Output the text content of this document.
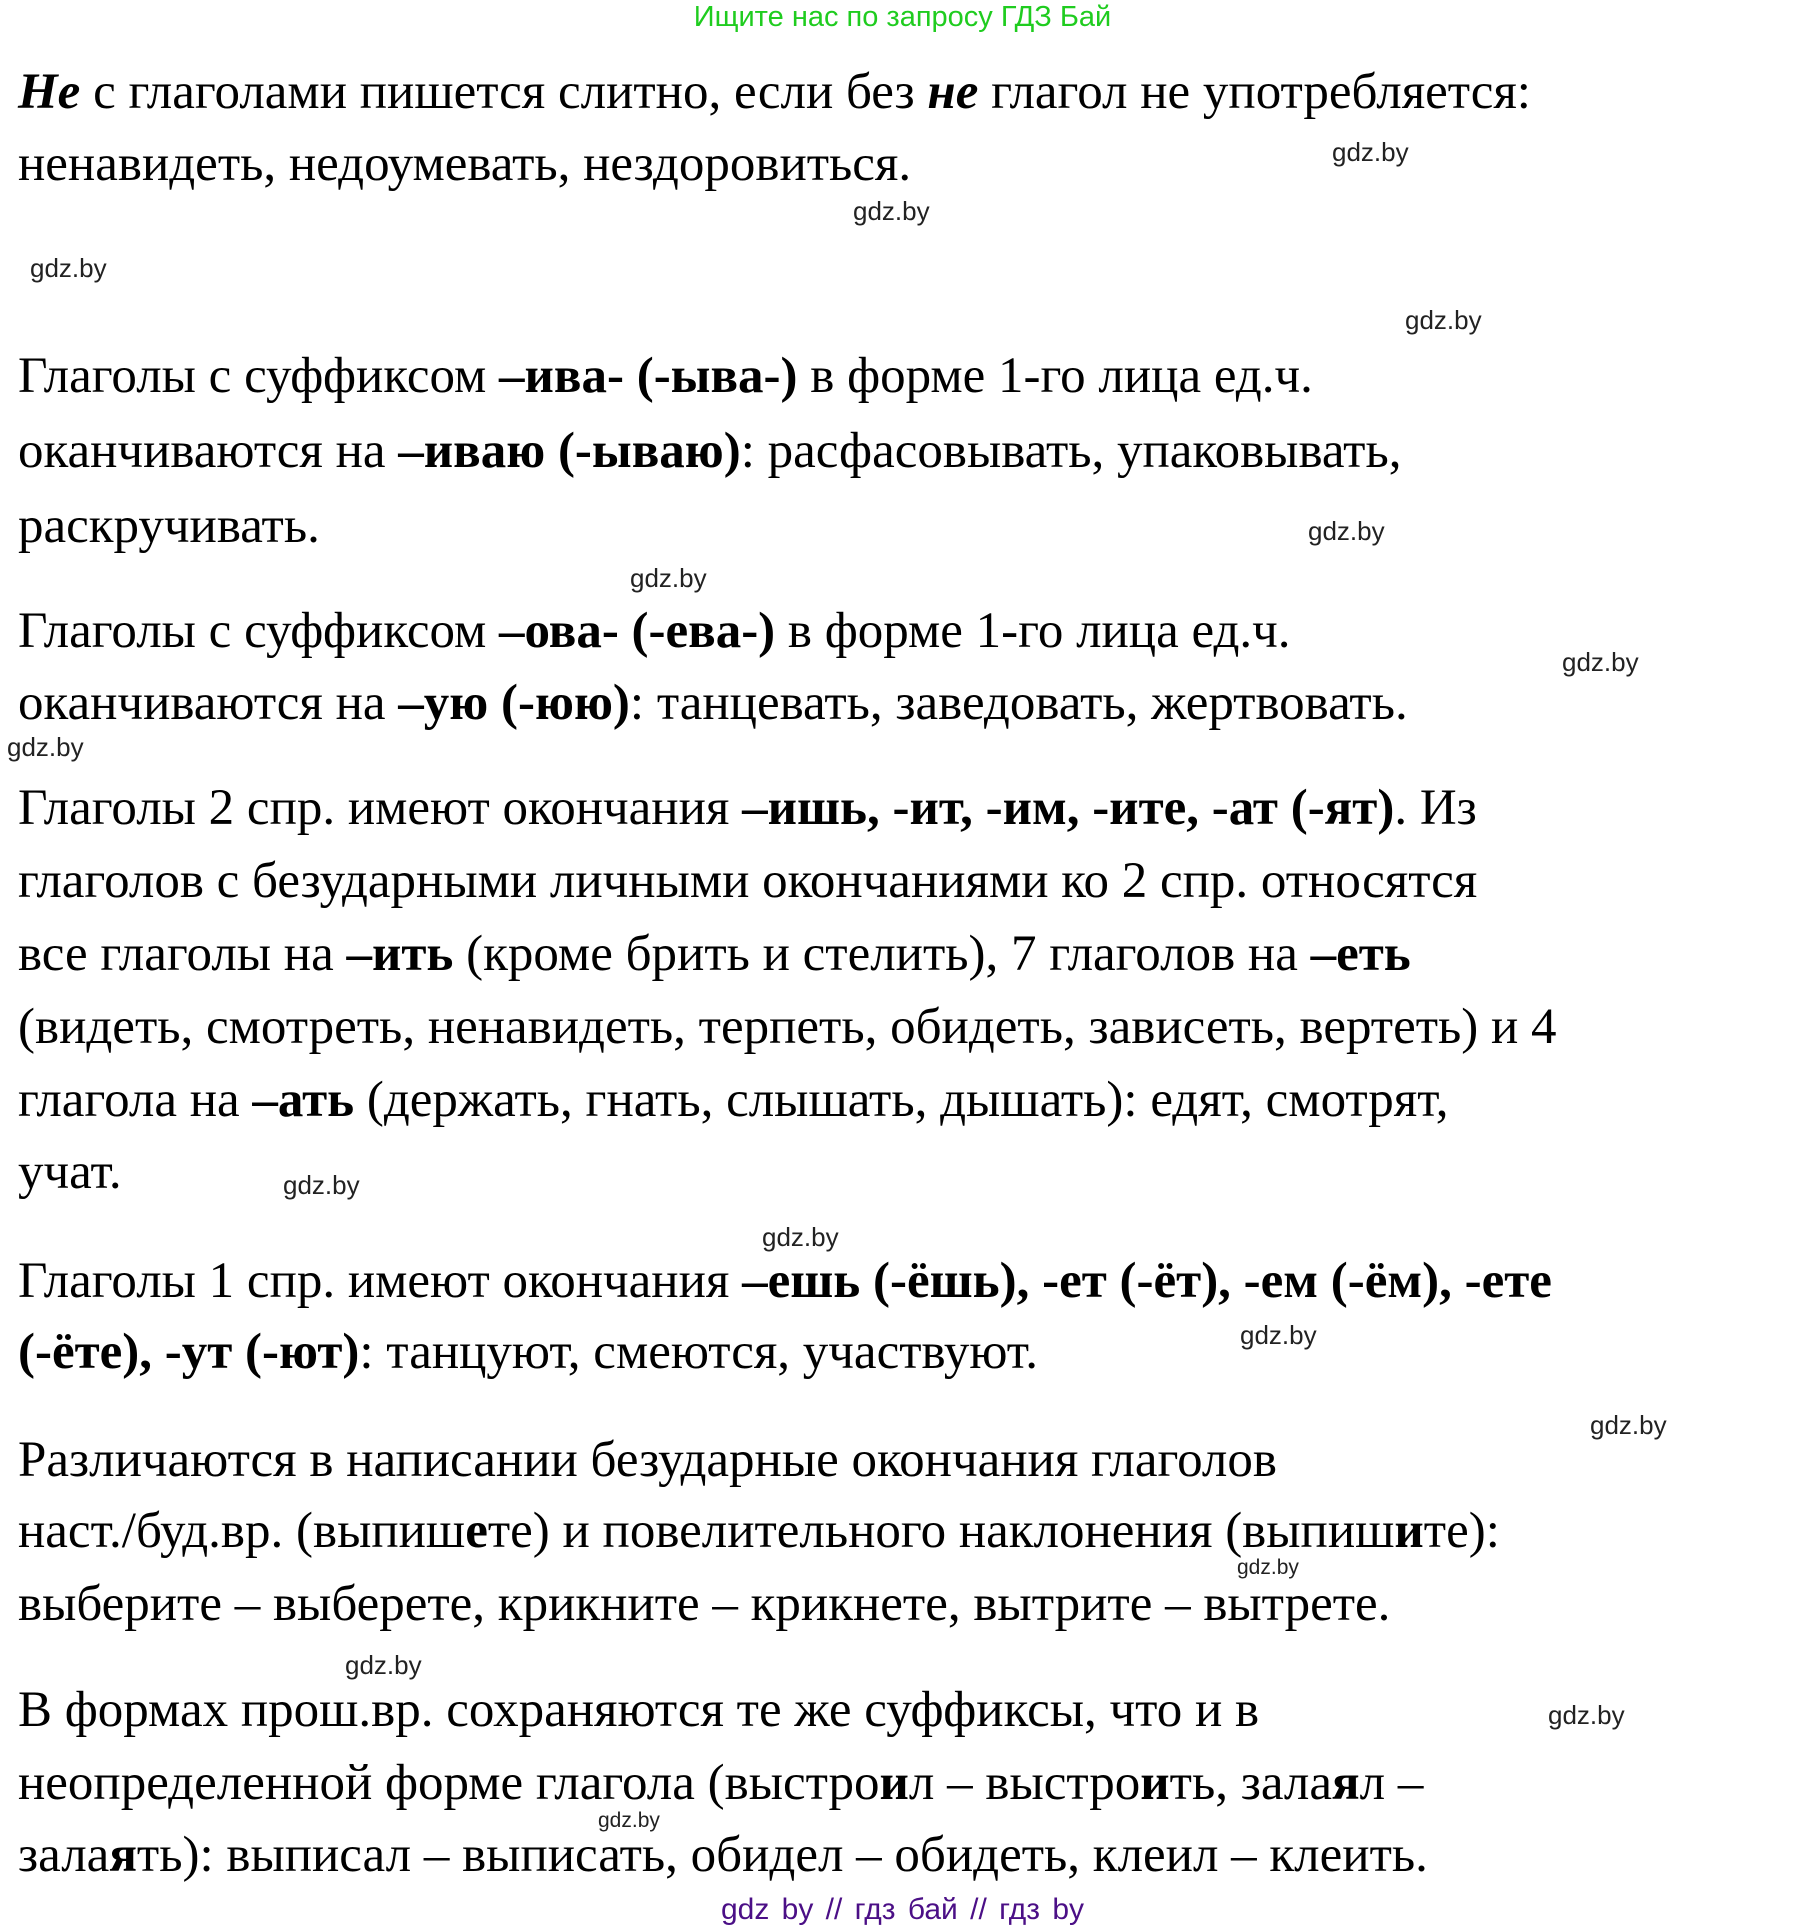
Ищите нас по запросу ГДЗ Бай
Не с глаголами пишется слитно, если без не глагол не употребляется:
ненавидеть, недоумевать, нездоровиться.
Глаголы с суффиксом –ива- (-ыва-) в форме 1-го лица ед.ч.
оканчиваются на –иваю (-ываю): расфасовывать, упаковывать,
раскручивать.
Глаголы с суффиксом –ова- (-ева-) в форме 1-го лица ед.ч.
оканчиваются на –ую (-юю): танцевать, заведовать, жертвовать.
Глаголы 2 спр. имеют окончания –ишь, -ит, -им, -ите, -ат (-ят). Из
глаголов с безударными личными окончаниями ко 2 спр. относятся
все глаголы на –ить (кроме брить и стелить), 7 глаголов на –еть
(видеть, смотреть, ненавидеть, терпеть, обидеть, зависеть, вертеть) и 4
глагола на –ать (держать, гнать, слышать, дышать): едят, смотрят,
учат.
Глаголы 1 спр. имеют окончания –ешь (-ёшь), -ет (-ёт), -ем (-ём), -ете
(-ёте), -ут (-ют): танцуют, смеются, участвуют.
Различаются в написании безударные окончания глаголов
наст./буд.вр. (выпишете) и повелительного наклонения (выпишите):
выберите – выберете, крикните – крикнете, вытрите – вытрете.
В формах прош.вр. сохраняются те же суффиксы, что и в
неопределенной форме глагола (выстроил – выстроить, залаял –
залаять): выписал – выписать, обидел – обидеть, клеил – клеить.
gdz.by
gdz.by
gdz.by
gdz.by
gdz.by
gdz.by
gdz.by
gdz.by
gdz.by
gdz.by
gdz.by
gdz.by
gdz.by
gdz.by
gdz.by
gdz.by
gdz by // гдз бай // гдз by
